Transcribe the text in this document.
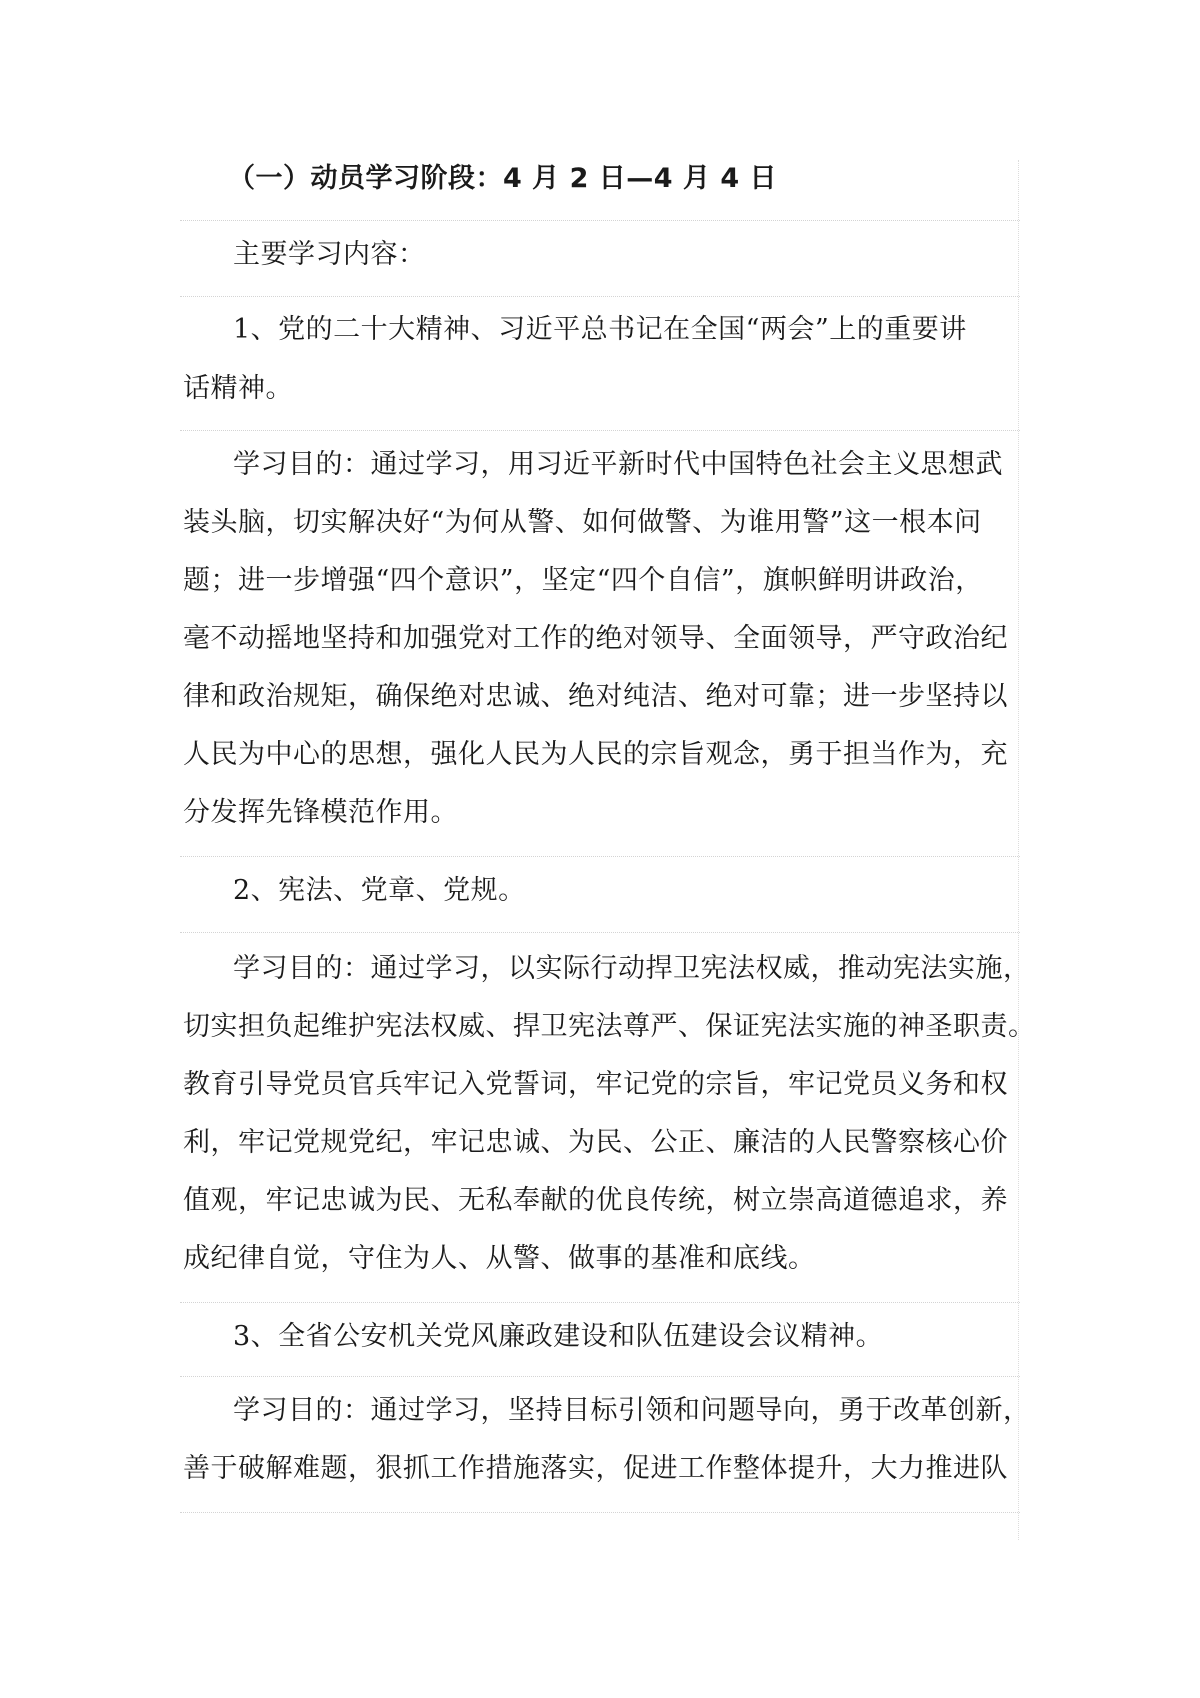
（一）动员学习阶段：4 月 2 日—4 月 4 日
主要学习内容：
1、党的二十大精神、习近平总书记在全国“两会”上的重要讲
话精神。
学习目的：通过学习，用习近平新时代中国特色社会主义思想武
装头脑，切实解决好“为何从警、如何做警、为谁用警”这一根本问
题；进一步增强“四个意识”，坚定“四个自信”，旗帜鲜明讲政治，
毫不动摇地坚持和加强党对工作的绝对领导、全面领导，严守政治纪
律和政治规矩，确保绝对忠诚、绝对纯洁、绝对可靠；进一步坚持以
人民为中心的思想，强化人民为人民的宗旨观念，勇于担当作为，充
分发挥先锋模范作用。
2、宪法、党章、党规。
学习目的：通过学习，以实际行动捍卫宪法权威，推动宪法实施，
切实担负起维护宪法权威、捍卫宪法尊严、保证宪法实施的神圣职责。
教育引导党员官兵牢记入党誓词，牢记党的宗旨，牢记党员义务和权
利，牢记党规党纪，牢记忠诚、为民、公正、廉洁的人民警察核心价
值观，牢记忠诚为民、无私奉献的优良传统，树立崇高道德追求，养
成纪律自觉，守住为人、从警、做事的基准和底线。
3、全省公安机关党风廉政建设和队伍建设会议精神。
学习目的：通过学习，坚持目标引领和问题导向，勇于改革创新，
善于破解难题，狠抓工作措施落实，促进工作整体提升，大力推进队
